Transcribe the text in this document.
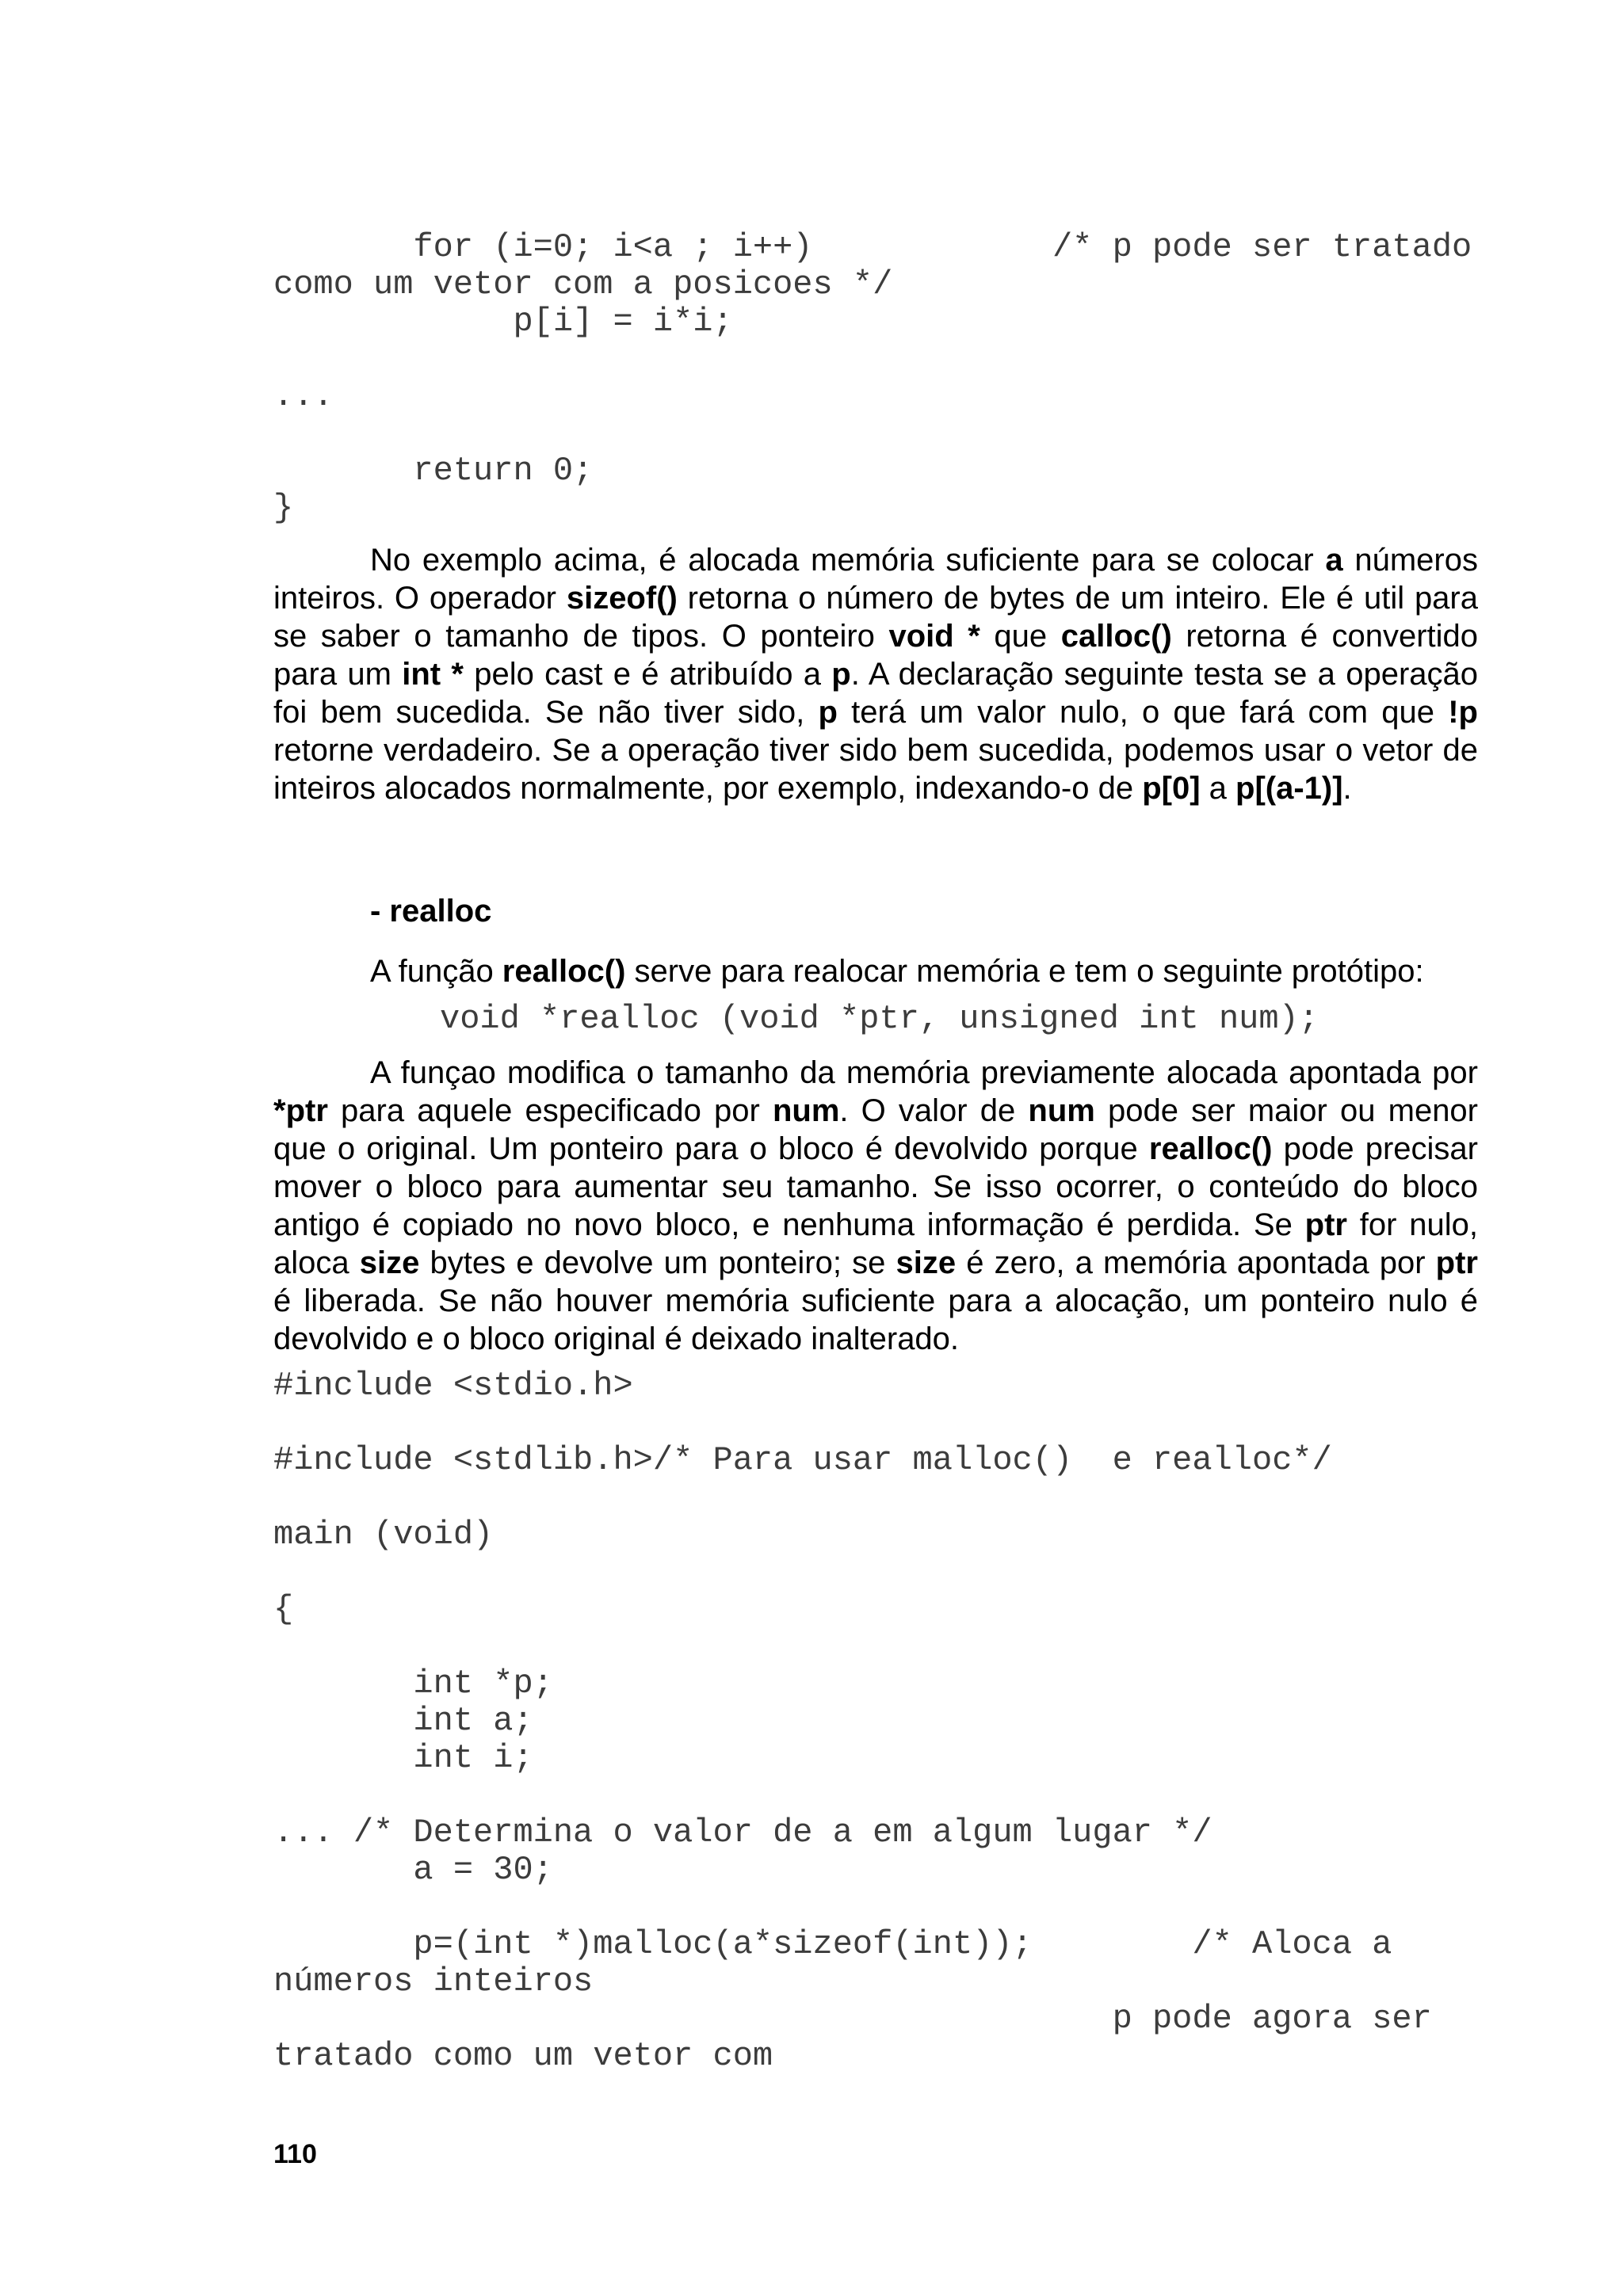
for (i=0; i<a ; i++)            /* p pode ser tratado
como um vetor com a posicoes */
p[i] = i*i;

...

return 0;
}

No exemplo acima, é alocada memória suficiente para se colocar a números inteiros. O operador sizeof() retorna o número de bytes de um inteiro. Ele é util para se saber o tamanho de tipos. O ponteiro void * que calloc() retorna é convertido para um int * pelo cast e é atribuído a p. A declaração seguinte testa se a operação foi bem sucedida. Se não tiver sido, p terá um valor nulo, o que fará com que !p retorne verdadeiro. Se a operação tiver sido bem sucedida, podemos usar o vetor de inteiros alocados normalmente, por exemplo, indexando-o de p[0] a p[(a-1)].

- realloc
A função realloc() serve para realocar memória e tem o seguinte protótipo:
void *realloc (void *ptr, unsigned int num);

A funçao modifica o tamanho da memória previamente alocada apontada por *ptr para aquele especificado por num. O valor de num pode ser maior ou menor que o original. Um ponteiro para o bloco é devolvido porque realloc() pode precisar mover o bloco para aumentar seu tamanho. Se isso ocorrer, o conteúdo do bloco antigo é copiado no novo bloco, e nenhuma informação é perdida. Se ptr for nulo, aloca size bytes e devolve um ponteiro; se size é zero, a memória apontada por ptr é liberada. Se não houver memória suficiente para a alocação, um ponteiro nulo é devolvido e o bloco original é deixado inalterado.

#include <stdio.h>

#include <stdlib.h>/* Para usar malloc()  e realloc*/

main (void)

{

int *p;
int a;
int i;

... /* Determina o valor de a em algum lugar */
a = 30;

p=(int *)malloc(a*sizeof(int));        /* Aloca a
números inteiros
p pode agora ser
tratado como um vetor com
110
